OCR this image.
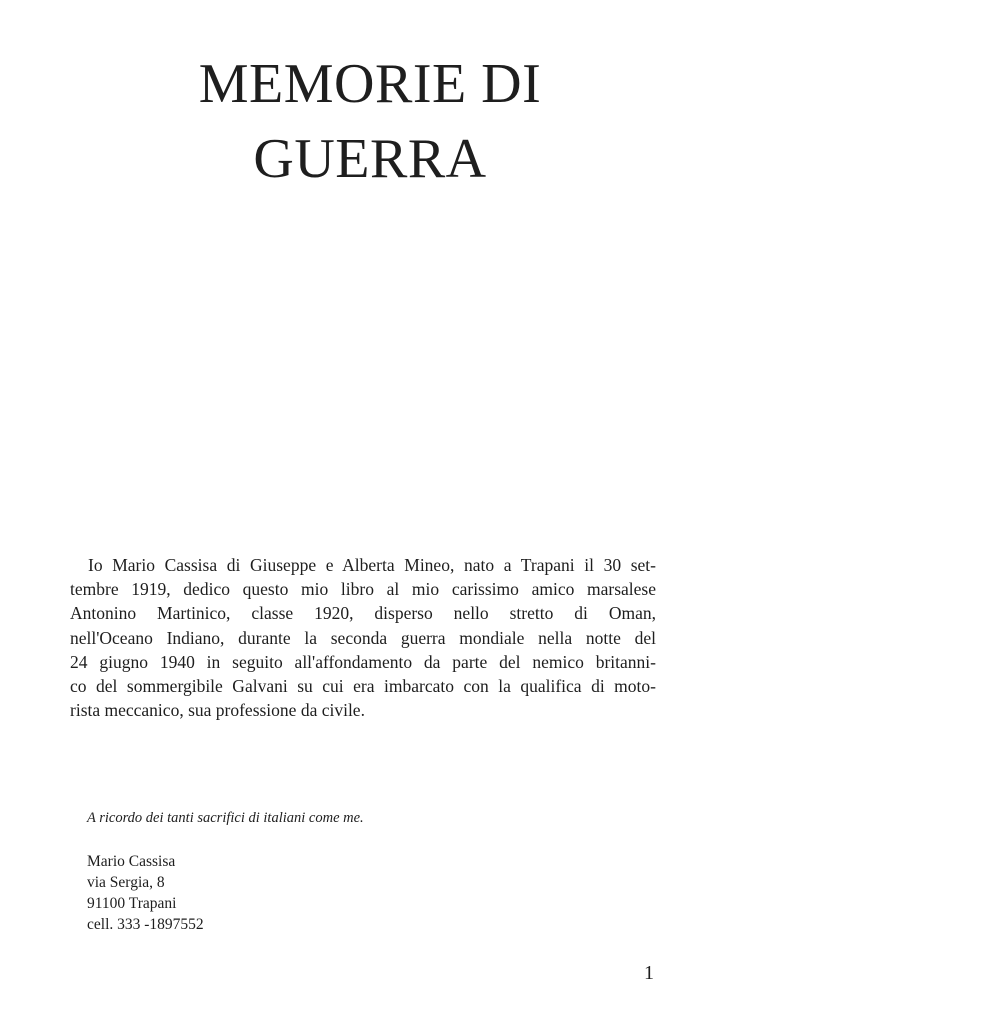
MEMORIE DI
GUERRA

Io Mario Cassisa di Giuseppe e Alberta Mineo, nato a Trapani il 30 set-
tembre 1919, dedico questo mio libro al mio carissimo amico marsalese
Antonino Martinico, classe 1920, disperso nello stretto di Oman,
nell'Oceano Indiano, durante la seconda guerra mondiale nella notte del
24 giugno 1940 in seguito all'affondamento da parte del nemico britanni-
co del sommergibile Galvani su cui era imbarcato con la qualifica di moto-
rista meccanico, sua professione da civile.

A ricordo dei tanti sacrifici di italiani come me.

Mario Cassisa
via Sergia, 8
91100 Trapani
cell. 333 -1897552

1
